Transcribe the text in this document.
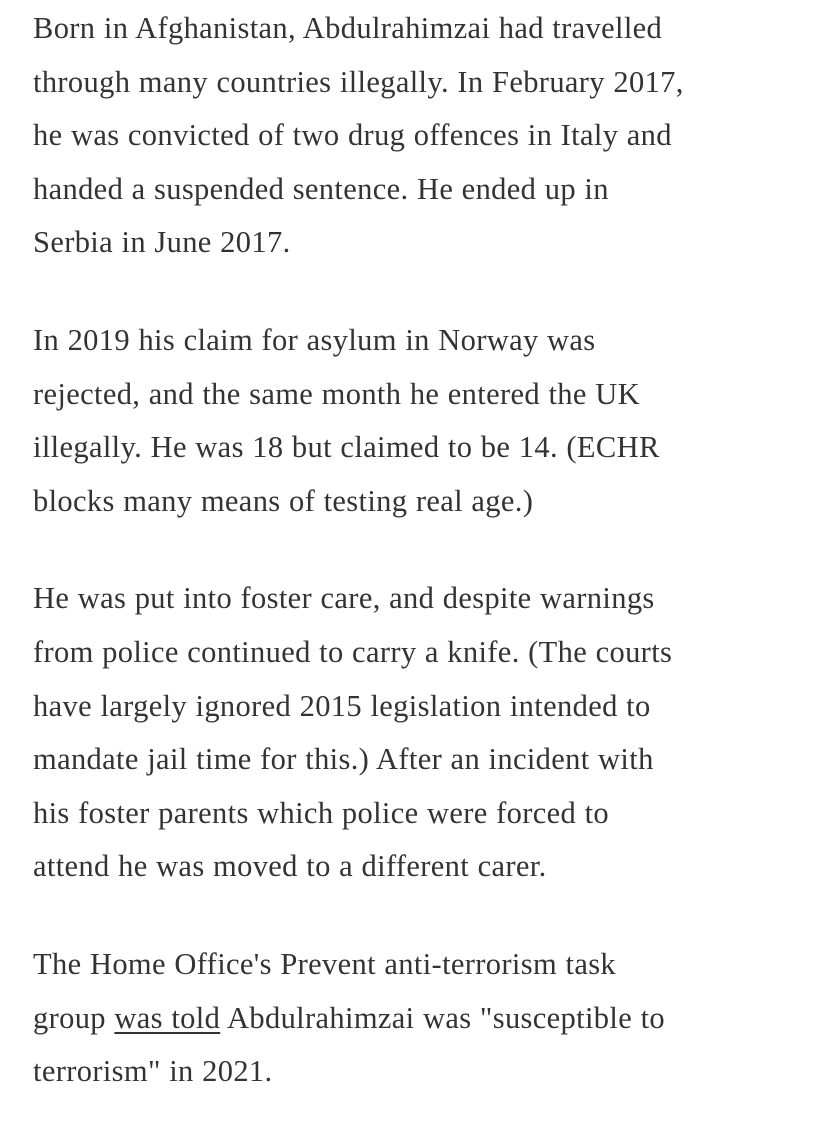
Born in Afghanistan, Abdulrahimzai had travelled
through many countries illegally. In February 2017,
he was convicted of two drug offences in Italy and
handed a suspended sentence. He ended up in
Serbia in June 2017.

In 2019 his claim for asylum in Norway was
rejected, and the same month he entered the UK
illegally. He was 18 but claimed to be 14. (ECHR
blocks many means of testing real age.)

He was put into foster care, and despite warnings
from police continued to carry a knife. (The courts
have largely ignored 2015 legislation intended to
mandate jail time for this.) After an incident with
his foster parents which police were forced to
attend he was moved to a different carer.

The Home Office's Prevent anti-terrorism task
group was told Abdulrahimzai was "susceptible to
terrorism" in 2021.
